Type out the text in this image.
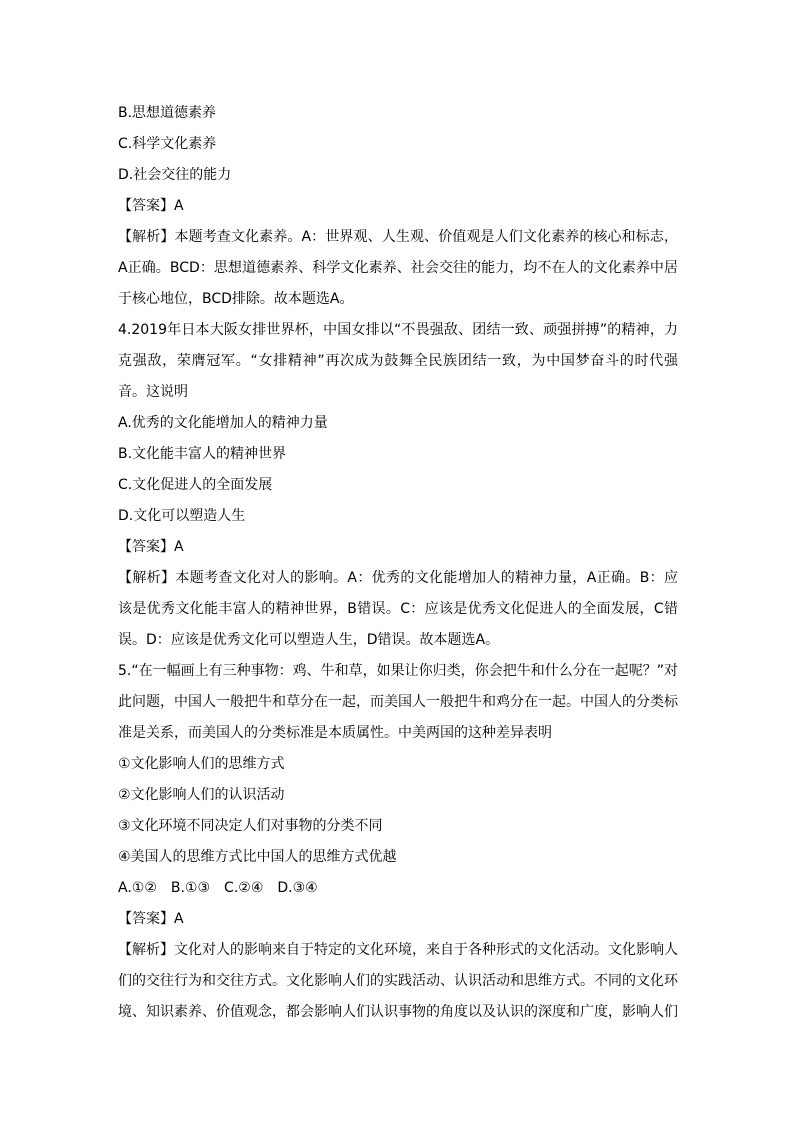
B.思想道德素养
C.科学文化素养
D.社会交往的能力
【答案】A
【解析】本题考查文化素养。A：世界观、人生观、价值观是人们文化素养的核心和标志，A正确。BCD：思想道德素养、科学文化素养、社会交往的能力，均不在人的文化素养中居于核心地位，BCD排除。故本题选A。
4.2019年日本大阪女排世界杯，中国女排以“不畏强敌、团结一致、顽强拼搏”的精神，力克强敌，荣膺冠军。“女排精神”再次成为鼓舞全民族团结一致，为中国梦奋斗的时代强音。这说明
A.优秀的文化能增加人的精神力量
B.文化能丰富人的精神世界
C.文化促进人的全面发展
D.文化可以塑造人生
【答案】A
【解析】本题考查文化对人的影响。A：优秀的文化能增加人的精神力量，A正确。B：应该是优秀文化能丰富人的精神世界，B错误。C：应该是优秀文化促进人的全面发展，C错误。D：应该是优秀文化可以塑造人生，D错误。故本题选A。
5.“在一幅画上有三种事物：鸡、牛和草，如果让你归类，你会把牛和什么分在一起呢？”对此问题，中国人一般把牛和草分在一起，而美国人一般把牛和鸡分在一起。中国人的分类标准是关系，而美国人的分类标准是本质属性。中美两国的这种差异表明
①文化影响人们的思维方式
②文化影响人们的认识活动
③文化环境不同决定人们对事物的分类不同
④美国人的思维方式比中国人的思维方式优越
A.①②　B.①③　C.②④　D.③④
【答案】A
【解析】文化对人的影响来自于特定的文化环境，来自于各种形式的文化活动。文化影响人们的交往行为和交往方式。文化影响人们的实践活动、认识活动和思维方式。不同的文化环境、知识素养、价值观念，都会影响人们认识事物的角度以及认识的深度和广度，影响人们
